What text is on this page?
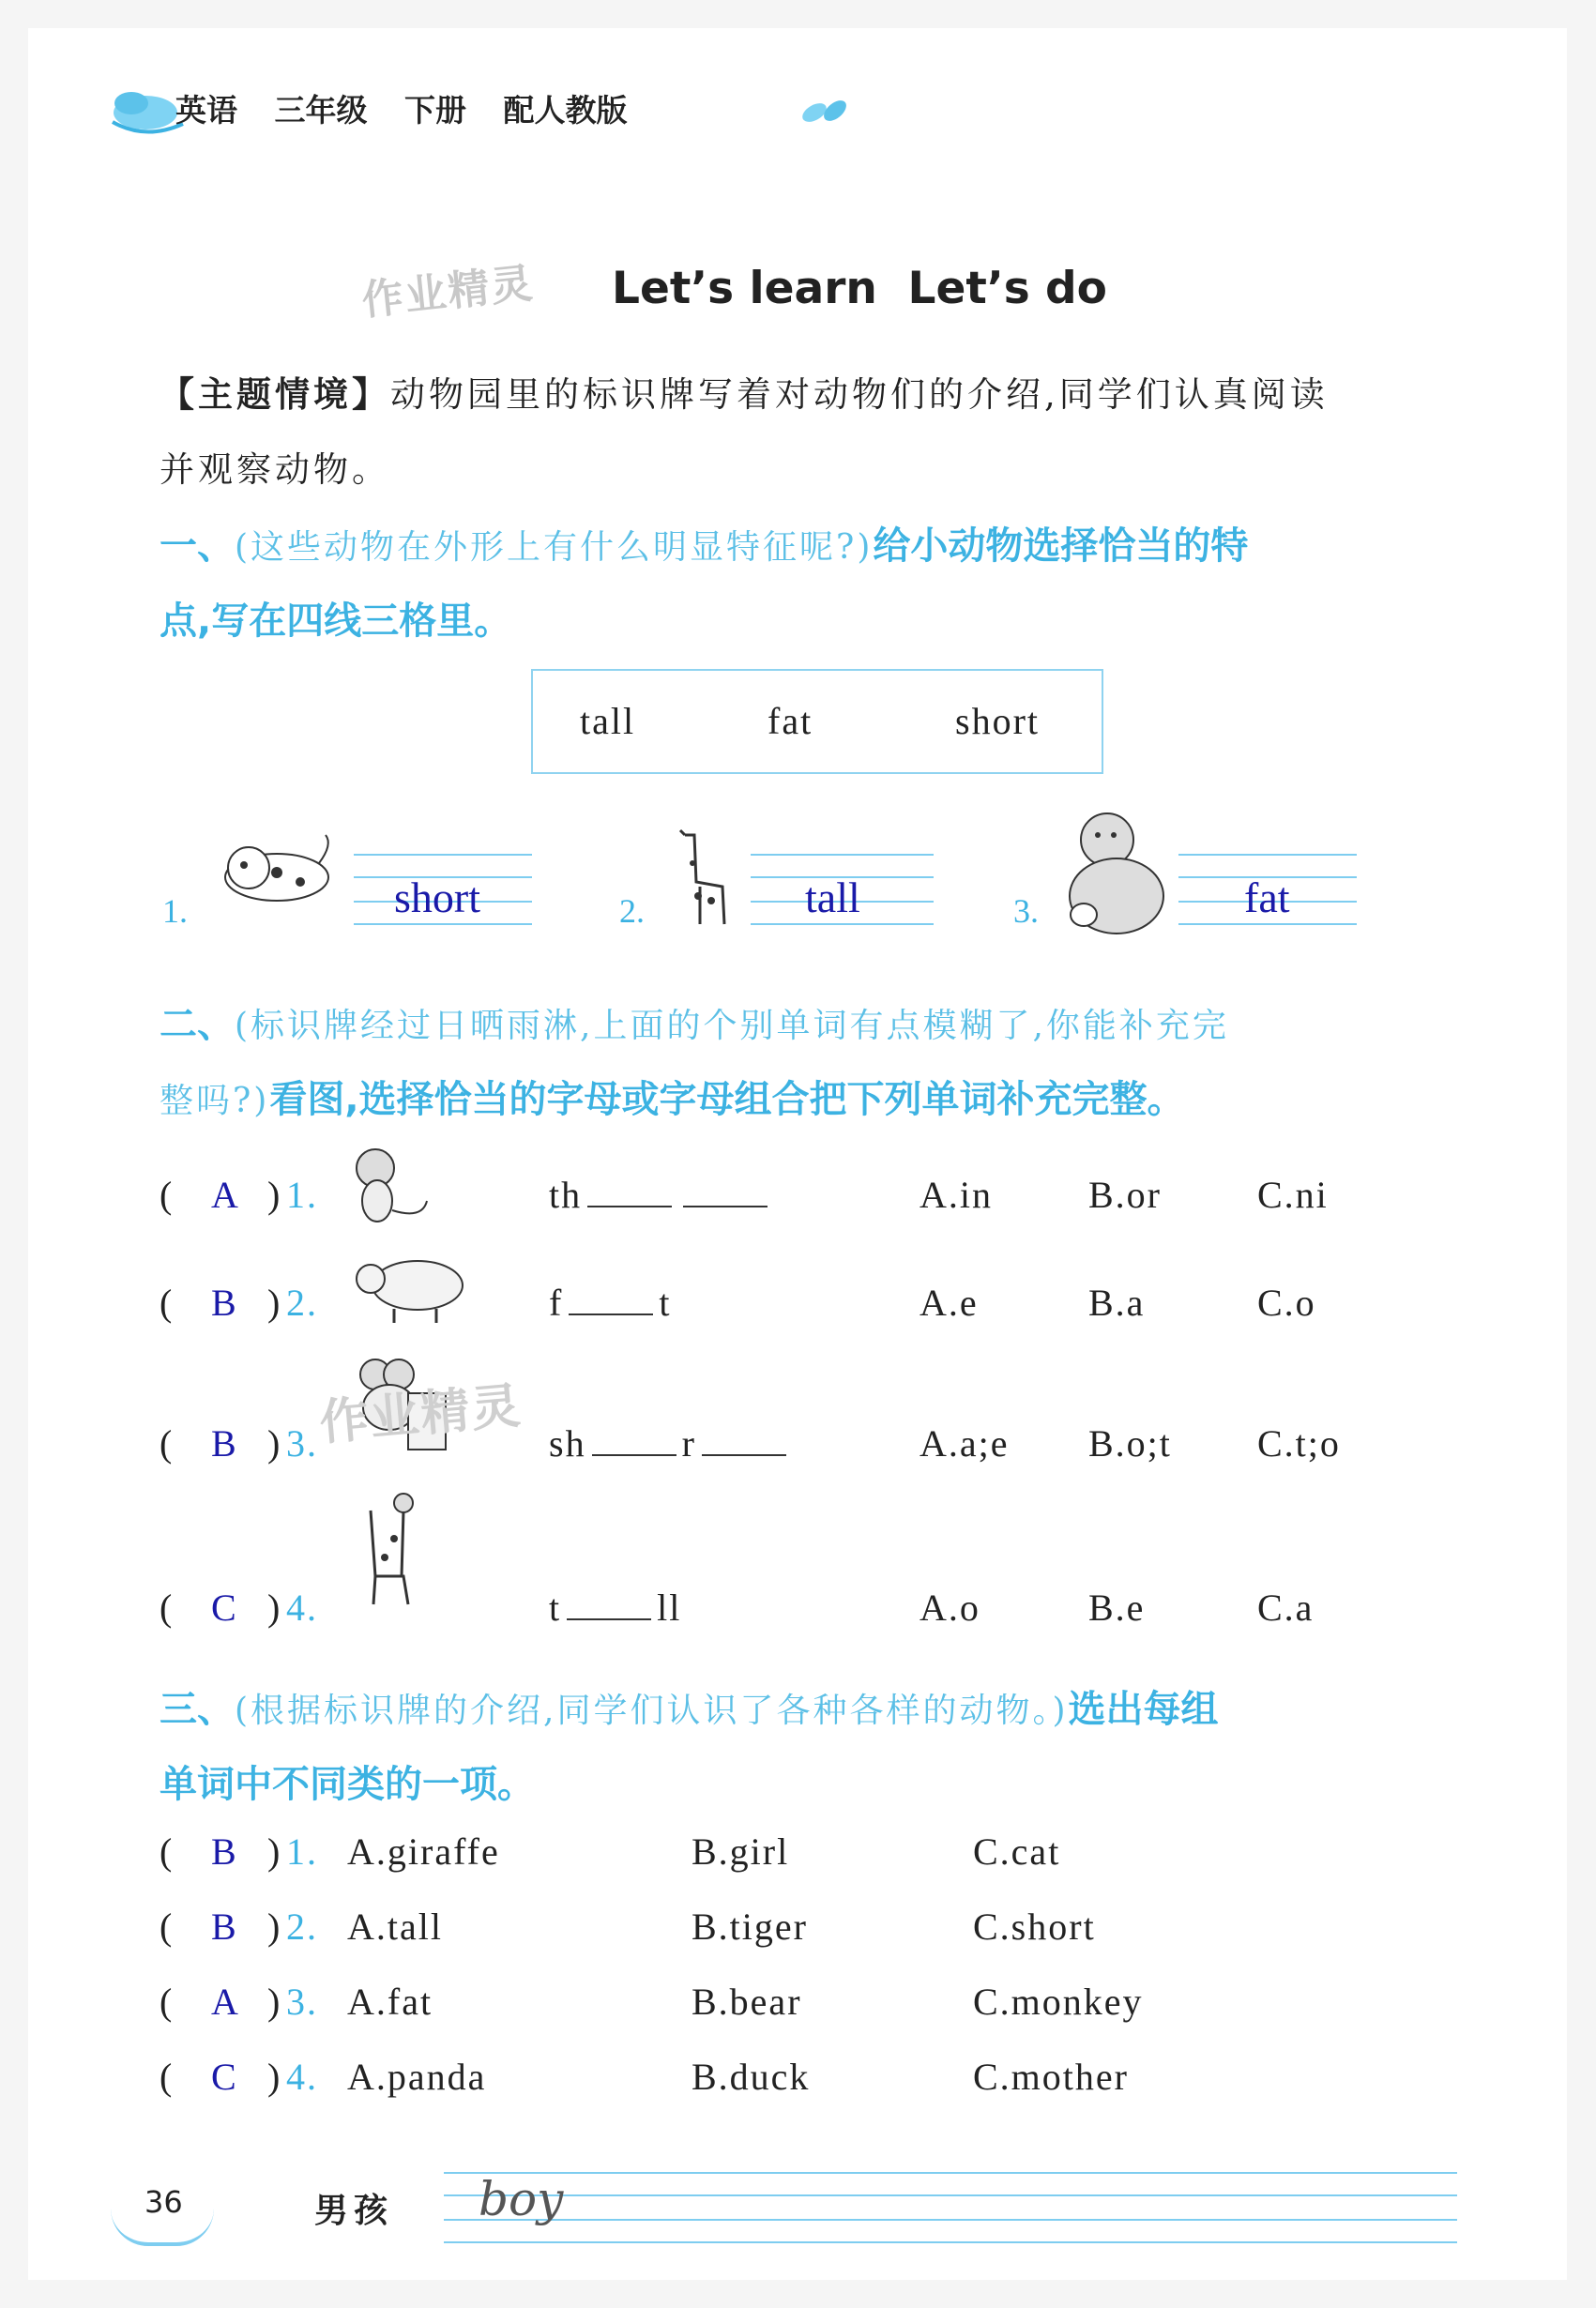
英语 三年级 下册 配人教版
作业精灵 Let’s learn  Let’s do
【主题情境】动物园里的标识牌写着对动物们的介绍,同学们认真阅读
并观察动物。
一、(这些动物在外形上有什么明显特征呢?)给小动物选择恰当的特
点,写在四线三格里。
tall	fat	short
1.	short	2.	tall	3.	fat
二、(标识牌经过日晒雨淋,上面的个别单词有点模糊了,你能补充完
整吗?)看图,选择恰当的字母或字母组合把下列单词补充完整。
( A ) 1.	th	A.in	B.or	C.ni
( B ) 2.	f	t	A.e	B.a	C.o
( B ) 3. 作业精灵 sh	r	A.a;e B.o;t C.t;o
( C ) 4.	t	ll	A.o	B.e	C.a
三、(根据标识牌的介绍,同学们认识了各种各样的动物。)选出每组
单词中不同类的一项。
( B ) 1. A.giraffe	B.girl	C.cat
( B ) 2. A.tall	B.tiger	C.short
( A ) 3. A.fat	B.bear	C.monkey
( C ) 4. A.panda	B.duck	C.mother
36	男孩 boy
